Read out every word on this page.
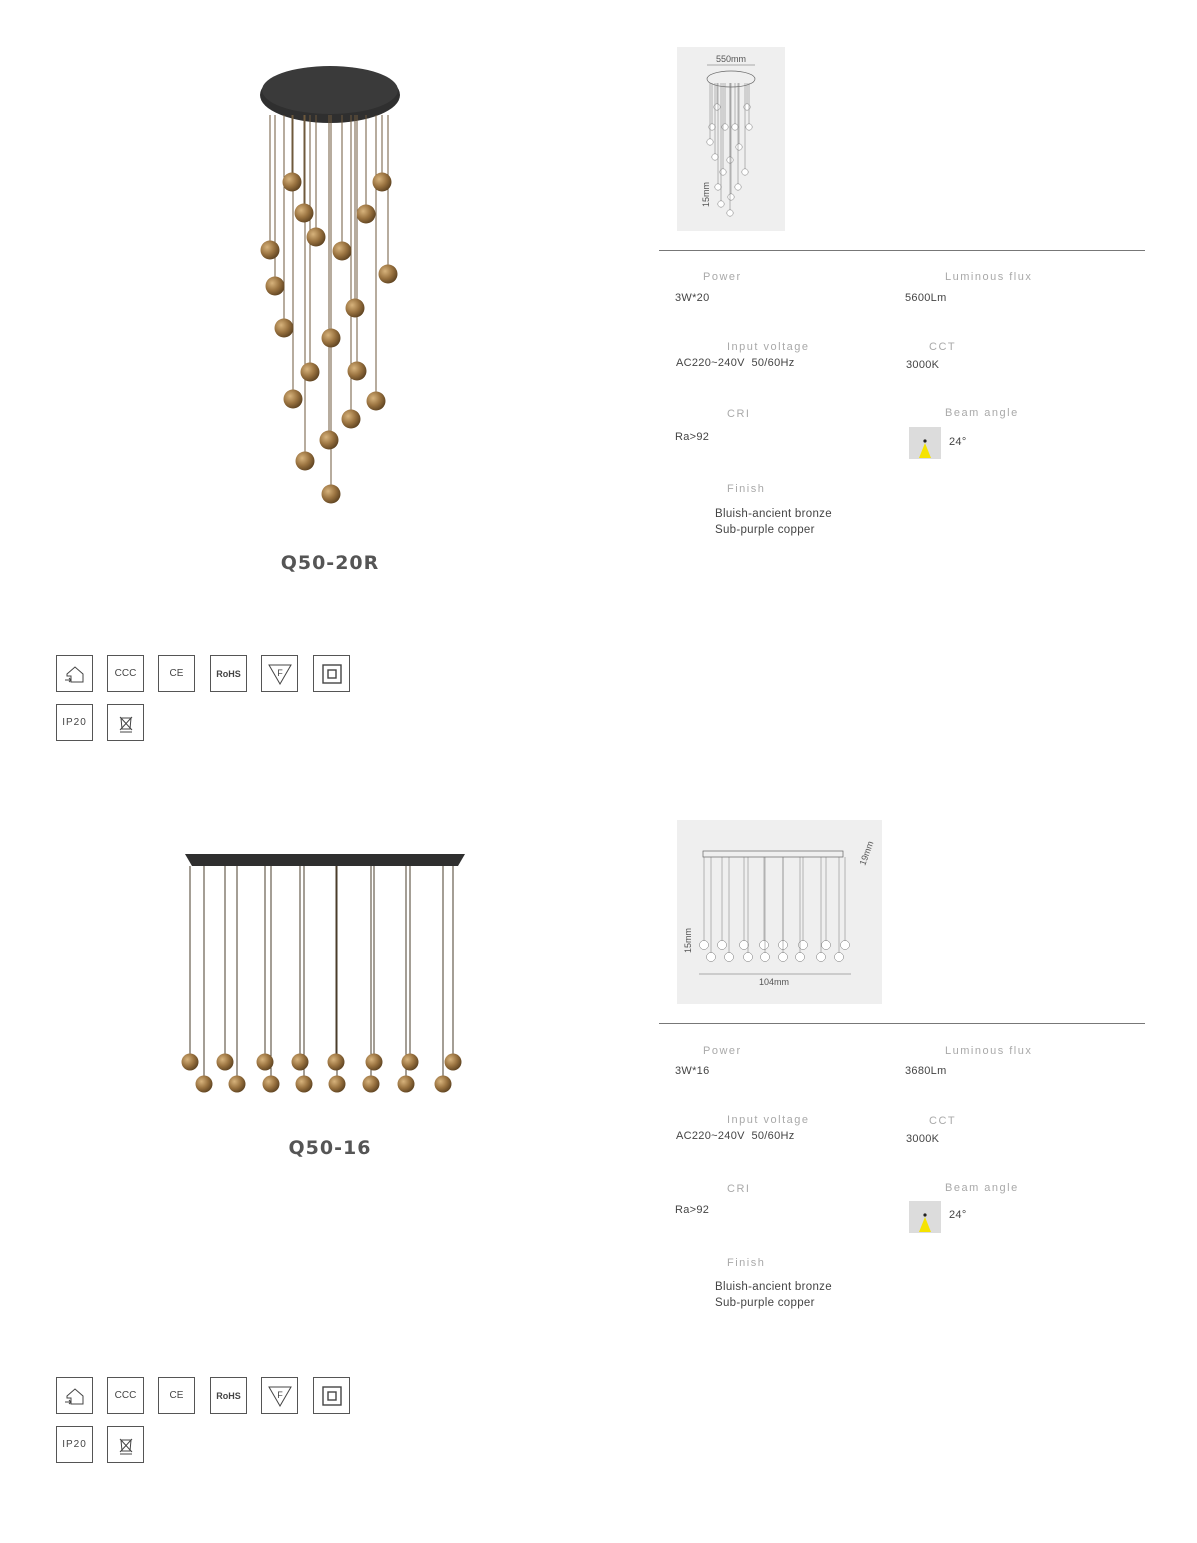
Q50-20R
550mm
15mm
Power
3W*20
Luminous flux
5600Lm
Input voltage
AC220~240V  50/60Hz
CCT
3000K
CRI
Ra>92
Beam angle
24°
Finish
Bluish-ancient bronze
Sub-purple copper
CCC	CE	RoHS	F
IP20
Q50-16
104mm
15mm
19mm
Power
3W*16
Luminous flux
3680Lm
Input voltage
AC220~240V  50/60Hz
CCT
3000K
CRI
Ra>92
Beam angle
24°
Finish
Bluish-ancient bronze
Sub-purple copper
CCC	CE	RoHS	F
IP20
